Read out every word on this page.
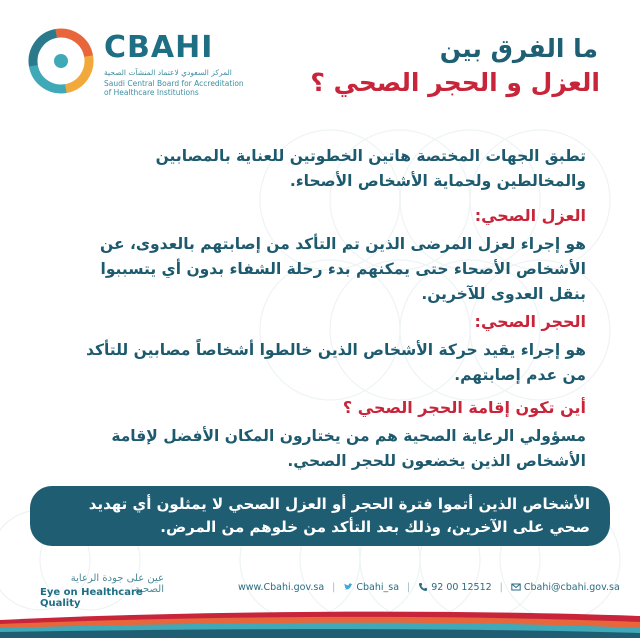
CBAHI
المركز السعودي لاعتماد المنشآت الصحية
Saudi Central Board for Accreditation
of Healthcare Institutions
ما الفرق بين
العزل و الحجر الصحي ؟
تطبق الجهات المختصة هاتين الخطوتين للعناية بالمصابين والمخالطين ولحماية الأشخاص الأصحاء.
العزل الصحي:
هو إجراء لعزل المرضى الذين تم التأكد من إصابتهم بالعدوى، عن الأشخاص الأصحاء حتى يمكنهم بدء رحلة الشفاء بدون أي يتسببوا بنقل العدوى للآخرين.
الحجر الصحي:
هو إجراء يقيد حركة الأشخاص الذين خالطوا أشخاصاً مصابين للتأكد من عدم إصابتهم.
أين تكون إقامة الحجر الصحي ؟
مسؤولي الرعاية الصحية هم من يختارون المكان الأفضل لإقامة الأشخاص الذين يخضعون للحجر الصحي.
الأشخاص الذين أتموا فترة الحجر أو العزل الصحي لا يمثلون أي تهديد صحي على الآخرين، وذلك بعد التأكد من خلوهم من المرض.
عين على جودة الرعاية الصحية
Eye on Healthcare Quality
www.Cbahi.gov.sa | Cbahi_sa | 92 00 12512 | Cbahi@cbahi.gov.sa
